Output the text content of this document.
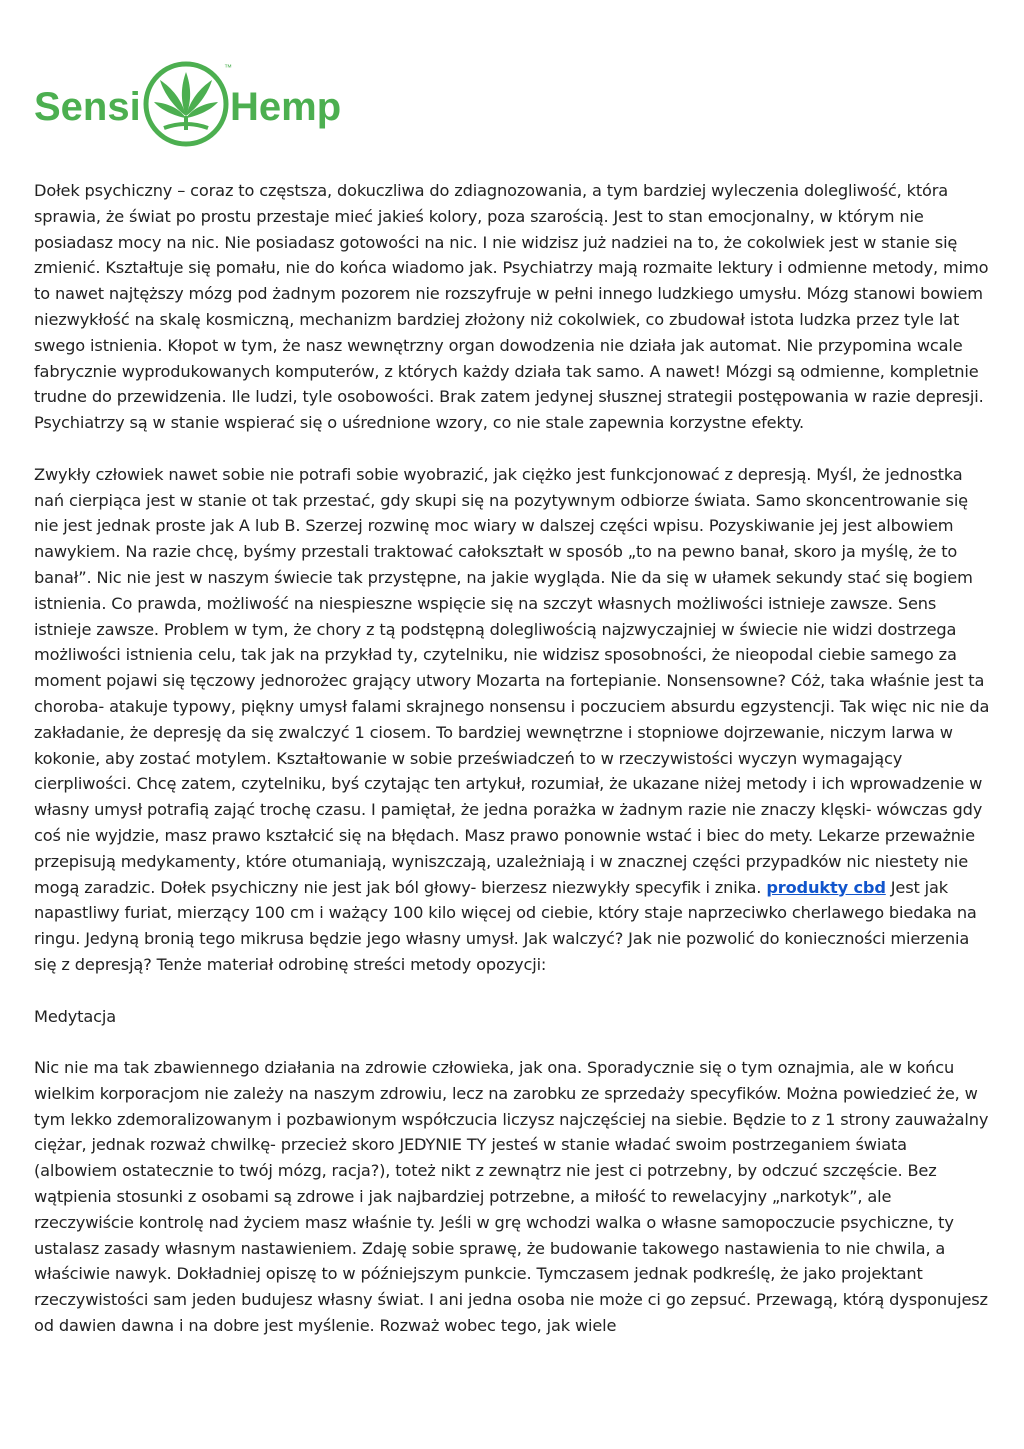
Sensi Hemp
™

Dołek psychiczny – coraz to częstsza, dokuczliwa do zdiagnozowania, a tym bardziej wyleczenia dolegliwość, która sprawia, że świat po prostu przestaje mieć jakieś kolory, poza szarością. Jest to stan emocjonalny, w którym nie posiadasz mocy na nic. Nie posiadasz gotowości na nic. I nie widzisz już nadziei na to, że cokolwiek jest w stanie się zmienić. Kształtuje się pomału, nie do końca wiadomo jak. Psychiatrzy mają rozmaite lektury i odmienne metody, mimo to nawet najtęższy mózg pod żadnym pozorem nie rozszyfruje w pełni innego ludzkiego umysłu. Mózg stanowi bowiem niezwykłość na skalę kosmiczną, mechanizm bardziej złożony niż cokolwiek, co zbudował istota ludzka przez tyle lat swego istnienia. Kłopot w tym, że nasz wewnętrzny organ dowodzenia nie działa jak automat. Nie przypomina wcale fabrycznie wyprodukowanych komputerów, z których każdy działa tak samo. A nawet! Mózgi są odmienne, kompletnie trudne do przewidzenia. Ile ludzi, tyle osobowości. Brak zatem jedynej słusznej strategii postępowania w razie depresji. Psychiatrzy są w stanie wspierać się o uśrednione wzory, co nie stale zapewnia korzystne efekty.

Zwykły człowiek nawet sobie nie potrafi sobie wyobrazić, jak ciężko jest funkcjonować z depresją. Myśl, że jednostka nań cierpiąca jest w stanie ot tak przestać, gdy skupi się na pozytywnym odbiorze świata. Samo skoncentrowanie się nie jest jednak proste jak A lub B. Szerzej rozwinę moc wiary w dalszej części wpisu. Pozyskiwanie jej jest albowiem nawykiem. Na razie chcę, byśmy przestali traktować całokształt w sposób „to na pewno banał, skoro ja myślę, że to banał”. Nic nie jest w naszym świecie tak przystępne, na jakie wygląda. Nie da się w ułamek sekundy stać się bogiem istnienia. Co prawda, możliwość na niespieszne wspięcie się na szczyt własnych możliwości istnieje zawsze. Sens istnieje zawsze. Problem w tym, że chory z tą podstępną dolegliwością najzwyczajniej w świecie nie widzi dostrzega możliwości istnienia celu, tak jak na przykład ty, czytelniku, nie widzisz sposobności, że nieopodal ciebie samego za moment pojawi się tęczowy jednorożec grający utwory Mozarta na fortepianie. Nonsensowne? Cóż, taka właśnie jest ta choroba- atakuje typowy, piękny umysł falami skrajnego nonsensu i poczuciem absurdu egzystencji. Tak więc nic nie da zakładanie, że depresję da się zwalczyć 1 ciosem. To bardziej wewnętrzne i stopniowe dojrzewanie, niczym larwa w kokonie, aby zostać motylem. Kształtowanie w sobie przeświadczeń to w rzeczywistości wyczyn wymagający cierpliwości. Chcę zatem, czytelniku, byś czytając ten artykuł, rozumiał, że ukazane niżej metody i ich wprowadzenie w własny umysł potrafią zająć trochę czasu. I pamiętał, że jedna porażka w żadnym razie nie znaczy klęski- wówczas gdy coś nie wyjdzie, masz prawo kształcić się na błędach. Masz prawo ponownie wstać i biec do mety. Lekarze przeważnie przepisują medykamenty, które otumaniają, wyniszczają, uzależniają i w znacznej części przypadków nic niestety nie mogą zaradzic. Dołek psychiczny nie jest jak ból głowy- bierzesz niezwykły specyfik i znika. produkty cbd Jest jak napastliwy furiat, mierzący 100 cm i ważący 100 kilo więcej od ciebie, który staje naprzeciwko cherlawego biedaka na ringu. Jedyną bronią tego mikrusa będzie jego własny umysł. Jak walczyć? Jak nie pozwolić do konieczności mierzenia się z depresją? Tenże materiał odrobinę streści metody opozycji:

Medytacja

Nic nie ma tak zbawiennego działania na zdrowie człowieka, jak ona. Sporadycznie się o tym oznajmia, ale w końcu wielkim korporacjom nie zależy na naszym zdrowiu, lecz na zarobku ze sprzedaży specyfików. Można powiedzieć że, w tym lekko zdemoralizowanym i pozbawionym współczucia liczysz najczęściej na siebie. Będzie to z 1 strony zauważalny ciężar, jednak rozważ chwilkę- przecież skoro JEDYNIE TY jesteś w stanie władać swoim postrzeganiem świata (albowiem ostatecznie to twój mózg, racja?), toteż nikt z zewnątrz nie jest ci potrzebny, by odczuć szczęście. Bez wątpienia stosunki z osobami są zdrowe i jak najbardziej potrzebne, a miłość to rewelacyjny „narkotyk”, ale rzeczywiście kontrolę nad życiem masz właśnie ty. Jeśli w grę wchodzi walka o własne samopoczucie psychiczne, ty ustalasz zasady własnym nastawieniem. Zdaję sobie sprawę, że budowanie takowego nastawienia to nie chwila, a właściwie nawyk. Dokładniej opiszę to w późniejszym punkcie. Tymczasem jednak podkreślę, że jako projektant rzeczywistości sam jeden budujesz własny świat. I ani jedna osoba nie może ci go zepsuć. Przewagą, którą dysponujesz od dawien dawna i na dobre jest myślenie. Rozważ wobec tego, jak wiele
